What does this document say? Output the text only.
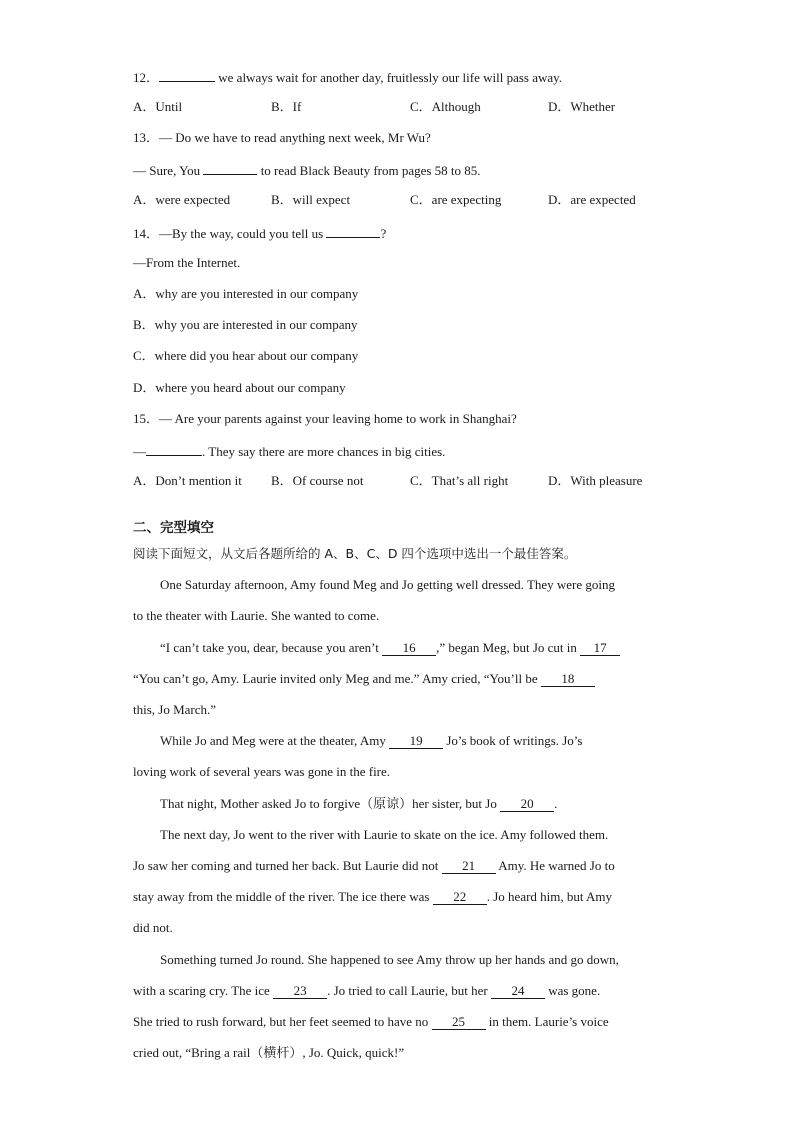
12．	we always wait for another day, fruitlessly our life will pass away.
A．Until	B．If	C．Although	D．Whether
13．— Do we have to read anything next week, Mr Wu?
— Sure, You	to read Black Beauty from pages 58 to 85.
A．were expected	B．will expect	C．are expecting	D．are expected
14．—By the way, could you tell us	?
—From the Internet.
A．why are you interested in our company
B．why you are interested in our company
C．where did you hear about our company
D．where you heard about our company
15．— Are your parents against your leaving home to work in Shanghai?
—	. They say there are more chances in big cities.
A．Don’t mention it B．Of course not	C．That’s all right	D．With pleasure
二、完型填空
阅读下面短文，从文后各题所给的 A、B、C、D 四个选项中选出一个最佳答案。
One Saturday afternoon, Amy found Meg and Jo getting well dressed. They were going
to the theater with Laurie. She wanted to come.
“I can’t take you, dear, because you aren’t 16 ,” began Meg, but Jo cut in 17
“You can’t go, Amy. Laurie invited only Meg and me.” Amy cried, “You’ll be 18
this, Jo March.”
While Jo and Meg were at the theater, Amy 19 Jo’s book of writings. Jo’s
loving work of several years was gone in the fire.
That night, Mother asked Jo to forgive（原谅）her sister, but Jo 20 .
The next day, Jo went to the river with Laurie to skate on the ice. Amy followed them.
Jo saw her coming and turned her back. But Laurie did not 21 Amy. He warned Jo to
stay away from the middle of the river. The ice there was 22 . Jo heard him, but Amy
did not.
Something turned Jo round. She happened to see Amy throw up her hands and go down,
with a scaring cry. The ice 23 . Jo tried to call Laurie, but her 24 was gone.
She tried to rush forward, but her feet seemed to have no 25 in them. Laurie’s voice
cried out, “Bring a rail（横杆）, Jo. Quick, quick!”
